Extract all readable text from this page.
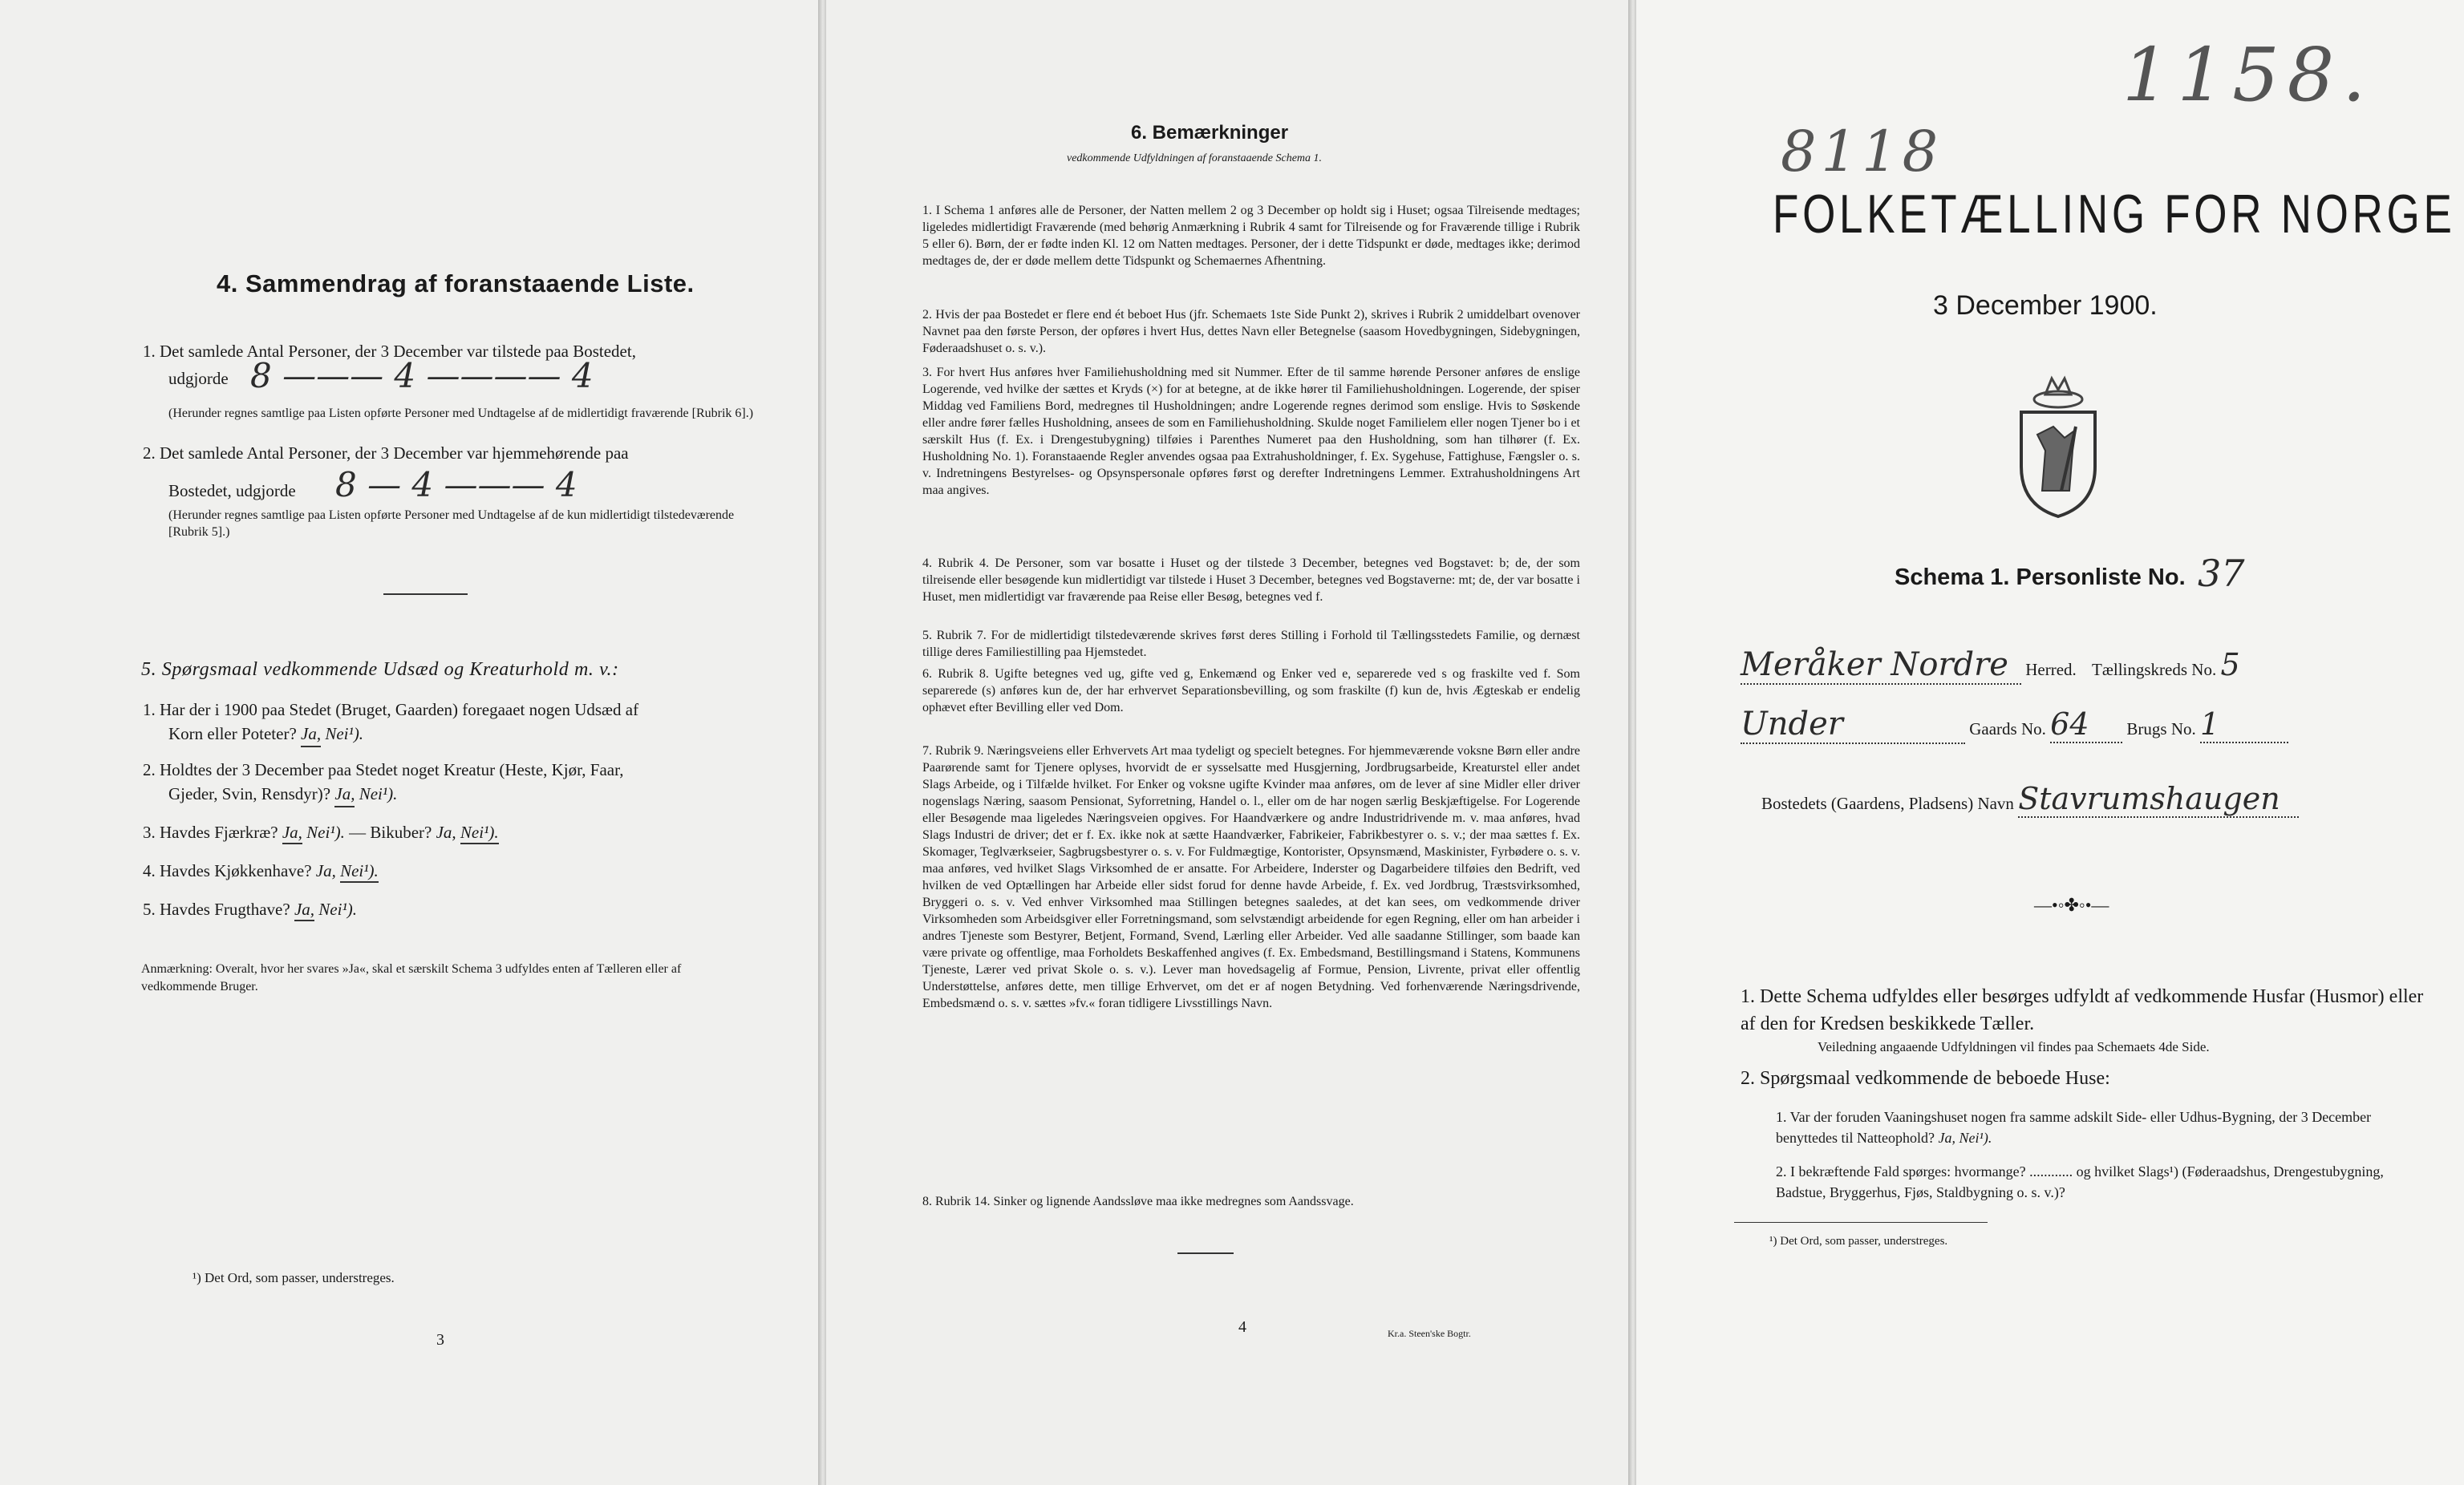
4. Sammendrag af foranstaaende Liste.
1. Det samlede Antal Personer, der 3 December var tilstede paa Bostedet,
udgjorde 8 ——— 4 ———— 4
(Herunder regnes samtlige paa Listen opførte Personer med Undtagelse af de midlertidigt fraværende [Rubrik 6].)
2. Det samlede Antal Personer, der 3 December var hjemmehørende paa
Bostedet, udgjorde 8 — 4 ——— 4
(Herunder regnes samtlige paa Listen opførte Personer med Undtagelse af de kun midlertidigt tilstedeværende [Rubrik 5].)
5. Spørgsmaal vedkommende Udsæd og Kreaturhold m. v.:
1. Har der i 1900 paa Stedet (Bruget, Gaarden) foregaaet nogen Udsæd af
Korn eller Poteter? Ja, Nei¹).
2. Holdtes der 3 December paa Stedet noget Kreatur (Heste, Kjør, Faar,
Gjeder, Svin, Rensdyr)? Ja, Nei¹).
3. Havdes Fjærkræ? Ja, Nei¹). — Bikuber? Ja, Nei¹).
4. Havdes Kjøkkenhave? Ja, Nei¹).
5. Havdes Frugthave? Ja, Nei¹).
Anmærkning: Overalt, hvor her svares »Ja«, skal et særskilt Schema 3 udfyldes enten af Tælleren eller af vedkommende Bruger.
¹) Det Ord, som passer, understreges.
3
6. Bemærkninger
vedkommende Udfyldningen af foranstaaende Schema 1.
1. I Schema 1 anføres alle de Personer, der Natten mellem 2 og 3 December op holdt sig i Huset; ogsaa Tilreisende medtages; ligeledes midlertidigt Fraværende (med behørig Anmærkning i Rubrik 4 samt for Tilreisende og for Fraværende tillige i Rubrik 5 eller 6). Børn, der er fødte inden Kl. 12 om Natten medtages. Personer, der i dette Tidspunkt er døde, medtages ikke; derimod medtages de, der er døde mellem dette Tidspunkt og Schemaernes Afhentning.
2. Hvis der paa Bostedet er flere end ét beboet Hus (jfr. Schemaets 1ste Side Punkt 2), skrives i Rubrik 2 umiddelbart ovenover Navnet paa den første Person, der opføres i hvert Hus, dettes Navn eller Betegnelse (saasom Hovedbygningen, Sidebygningen, Føderaadshuset o. s. v.).
3. For hvert Hus anføres hver Familiehusholdning med sit Nummer. Efter de til samme hørende Personer anføres de enslige Logerende, ved hvilke der sættes et Kryds (×) for at betegne, at de ikke hører til Familiehusholdningen. Logerende, der spiser Middag ved Familiens Bord, medregnes til Husholdningen; andre Logerende regnes derimod som enslige. Hvis to Søskende eller andre fører fælles Husholdning, ansees de som en Familiehusholdning. Skulde noget Familielem eller nogen Tjener bo i et særskilt Hus (f. Ex. i Drengestubygning) tilføies i Parenthes Numeret paa den Husholdning, som han tilhører (f. Ex. Husholdning No. 1). Foranstaaende Regler anvendes ogsaa paa Extrahusholdninger, f. Ex. Sygehuse, Fattighuse, Fængsler o. s. v. Indretningens Bestyrelses- og Opsynspersonale opføres først og derefter Indretningens Lemmer. Extrahusholdningens Art maa angives.
4. Rubrik 4. De Personer, som var bosatte i Huset og der tilstede 3 December, betegnes ved Bogstavet: b; de, der som tilreisende eller besøgende kun midlertidigt var tilstede i Huset 3 December, betegnes ved Bogstaverne: mt; de, der var bosatte i Huset, men midlertidigt var fraværende paa Reise eller Besøg, betegnes ved f.
5. Rubrik 7. For de midlertidigt tilstedeværende skrives først deres Stilling i Forhold til Tællingsstedets Familie, og dernæst tillige deres Familiestilling paa Hjemstedet.
6. Rubrik 8. Ugifte betegnes ved ug, gifte ved g, Enkemænd og Enker ved e, separerede ved s og fraskilte ved f. Som separerede (s) anføres kun de, der har erhvervet Separationsbevilling, og som fraskilte (f) kun de, hvis Ægteskab er endelig ophævet efter Bevilling eller ved Dom.
7. Rubrik 9. Næringsveiens eller Erhvervets Art maa tydeligt og specielt betegnes. For hjemmeværende voksne Børn eller andre Paarørende samt for Tjenere oplyses, hvorvidt de er sysselsatte med Husgjerning, Jordbrugsarbeide, Kreaturstel eller andet Slags Arbeide, og i Tilfælde hvilket. For Enker og voksne ugifte Kvinder maa anføres, om de lever af sine Midler eller driver nogenslags Næring, saasom Pensionat, Syforretning, Handel o. l., eller om de har nogen særlig Beskjæftigelse. For Logerende eller Besøgende maa ligeledes Næringsveien opgives. For Haandværkere og andre Industridrivende m. v. maa anføres, hvad Slags Industri de driver; det er f. Ex. ikke nok at sætte Haandværker, Fabrikeier, Fabrikbestyrer o. s. v.; der maa sættes f. Ex. Skomager, Teglværkseier, Sagbrugsbestyrer o. s. v. For Fuldmægtige, Kontorister, Opsynsmænd, Maskinister, Fyrbødere o. s. v. maa anføres, ved hvilket Slags Virksomhed de er ansatte. For Arbeidere, Inderster og Dagarbeidere tilføies den Bedrift, ved hvilken de ved Optællingen har Arbeide eller sidst forud for denne havde Arbeide, f. Ex. ved Jordbrug, Træstsvirksomhed, Bryggeri o. s. v. Ved enhver Virksomhed maa Stillingen betegnes saaledes, at det kan sees, om vedkommende driver Virksomheden som Arbeidsgiver eller Forretningsmand, som selvstændigt arbeidende for egen Regning, eller om han arbeider i andres Tjeneste som Bestyrer, Betjent, Formand, Svend, Lærling eller Arbeider. Ved alle saadanne Stillinger, som baade kan være private og offentlige, maa Forholdets Beskaffenhed angives (f. Ex. Embedsmand, Bestillingsmand i Statens, Kommunens Tjeneste, Lærer ved privat Skole o. s. v.). Lever man hovedsagelig af Formue, Pension, Livrente, privat eller offentlig Understøttelse, anføres dette, men tillige Erhvervet, om det er af nogen Betydning. Ved forhenværende Næringsdrivende, Embedsmænd o. s. v. sættes »fv.« foran tidligere Livsstillings Navn.
8. Rubrik 14. Sinker og lignende Aandssløve maa ikke medregnes som Aandssvage.
4	Kr.a. Steen'ske Bogtr.
1158.
8118
FOLKETÆLLING FOR NORGE
3 December 1900.
Schema 1. Personliste No. 37
Meråker Nordre Herred. Tællingskreds No. 5
Under	Gaards No. 64 Brugs No. 1
Bostedets (Gaardens, Pladsens) Navn Stavrumshaugen
—•◦✤◦•—
1. Dette Schema udfyldes eller besørges udfyldt af vedkommende Husfar (Husmor) eller af den for Kredsen beskikkede Tæller.
Veiledning angaaende Udfyldningen vil findes paa Schemaets 4de Side.
2. Spørgsmaal vedkommende de beboede Huse:
1. Var der foruden Vaaningshuset nogen fra samme adskilt Side- eller Udhus-Bygning, der 3 December benyttedes til Natteophold? Ja, Nei¹).
2. I bekræftende Fald spørges: hvormange? ............ og hvilket Slags¹) (Føderaadshus, Drengestubygning, Badstue, Bryggerhus, Fjøs, Staldbygning o. s. v.)?
¹) Det Ord, som passer, understreges.
